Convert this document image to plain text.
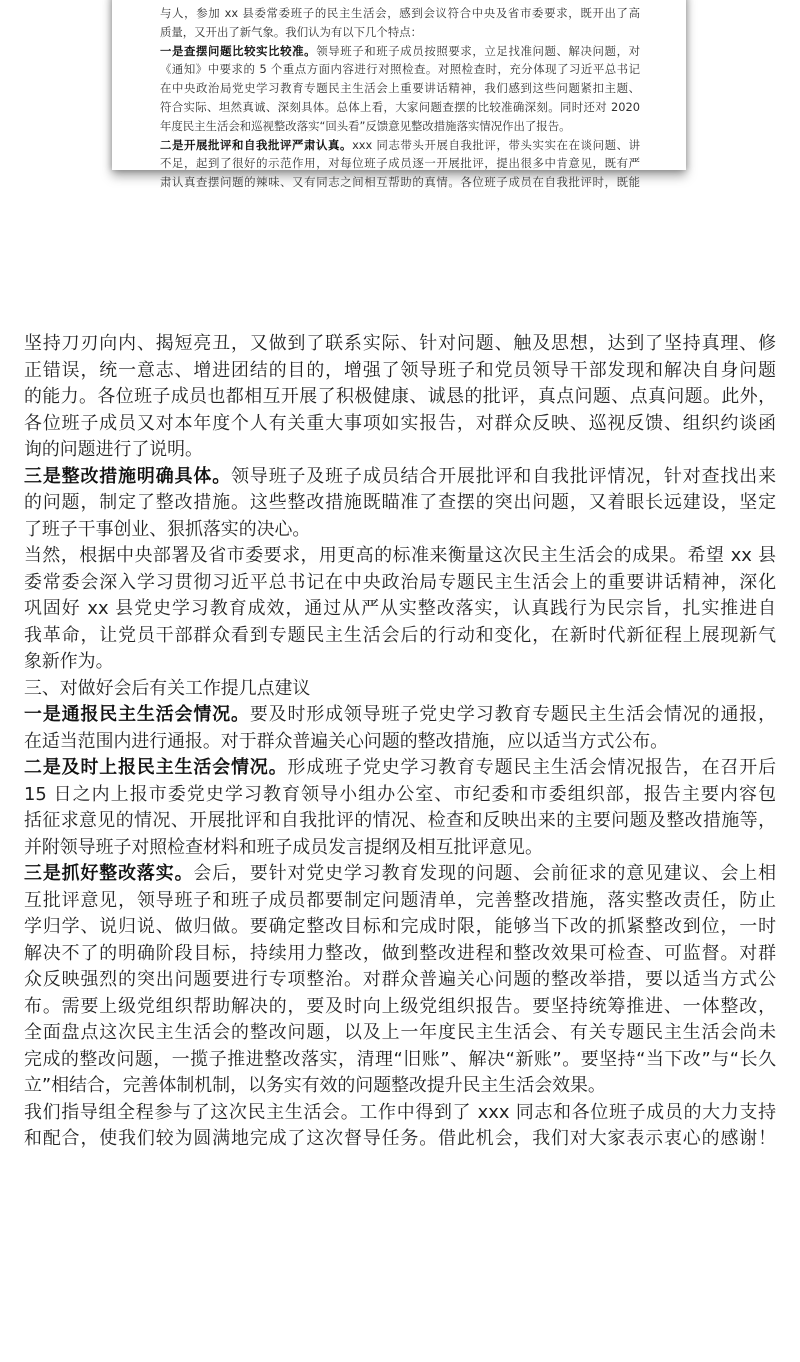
与人，参加 xx 县委常委班子的民主生活会，感到会议符合中央及省市委要求，既开出了高
质量，又开出了新气象。我们认为有以下几个特点：
一是查摆问题比较实比较准。领导班子和班子成员按照要求，立足找准问题、解决问题，对
《通知》中要求的 5 个重点方面内容进行对照检查。对照检查时，充分体现了习近平总书记
在中央政治局党史学习教育专题民主生活会上重要讲话精神，我们感到这些问题紧扣主题、
符合实际、坦然真诚、深刻具体。总体上看，大家问题查摆的比较准确深刻。同时还对 2020
年度民主生活会和巡视整改落实“回头看”反馈意见整改措施落实情况作出了报告。
二是开展批评和自我批评严肃认真。xxx 同志带头开展自我批评，带头实实在在谈问题、讲
不足，起到了很好的示范作用，对每位班子成员逐一开展批评，提出很多中肯意见，既有严
肃认真查摆问题的辣味、又有同志之间相互帮助的真情。各位班子成员在自我批评时，既能
坚持刀刃向内、揭短亮丑，又做到了联系实际、针对问题、触及思想，达到了坚持真理、修
正错误，统一意志、增进团结的目的，增强了领导班子和党员领导干部发现和解决自身问题
的能力。各位班子成员也都相互开展了积极健康、诚恳的批评，真点问题、点真问题。此外，
各位班子成员又对本年度个人有关重大事项如实报告，对群众反映、巡视反馈、组织约谈函
询的问题进行了说明。
三是整改措施明确具体。领导班子及班子成员结合开展批评和自我批评情况，针对查找出来
的问题，制定了整改措施。这些整改措施既瞄准了查摆的突出问题，又着眼长远建设，坚定
了班子干事创业、狠抓落实的决心。
当然，根据中央部署及省市委要求，用更高的标准来衡量这次民主生活会的成果。希望 xx 县
委常委会深入学习贯彻习近平总书记在中央政治局专题民主生活会上的重要讲话精神，深化
巩固好 xx 县党史学习教育成效，通过从严从实整改落实，认真践行为民宗旨，扎实推进自
我革命，让党员干部群众看到专题民主生活会后的行动和变化，在新时代新征程上展现新气
象新作为。
三、对做好会后有关工作提几点建议
一是通报民主生活会情况。要及时形成领导班子党史学习教育专题民主生活会情况的通报，
在适当范围内进行通报。对于群众普遍关心问题的整改措施，应以适当方式公布。
二是及时上报民主生活会情况。形成班子党史学习教育专题民主生活会情况报告，在召开后
15 日之内上报市委党史学习教育领导小组办公室、市纪委和市委组织部，报告主要内容包
括征求意见的情况、开展批评和自我批评的情况、检查和反映出来的主要问题及整改措施等，
并附领导班子对照检查材料和班子成员发言提纲及相互批评意见。
三是抓好整改落实。会后，要针对党史学习教育发现的问题、会前征求的意见建议、会上相
互批评意见，领导班子和班子成员都要制定问题清单，完善整改措施，落实整改责任，防止
学归学、说归说、做归做。要确定整改目标和完成时限，能够当下改的抓紧整改到位，一时
解决不了的明确阶段目标，持续用力整改，做到整改进程和整改效果可检查、可监督。对群
众反映强烈的突出问题要进行专项整治。对群众普遍关心问题的整改举措，要以适当方式公
布。需要上级党组织帮助解决的，要及时向上级党组织报告。要坚持统筹推进、一体整改，
全面盘点这次民主生活会的整改问题，以及上一年度民主生活会、有关专题民主生活会尚未
完成的整改问题，一揽子推进整改落实，清理“旧账”、解决“新账”。要坚持“当下改”与“长久
立”相结合，完善体制机制，以务实有效的问题整改提升民主生活会效果。
我们指导组全程参与了这次民主生活会。工作中得到了 xxx 同志和各位班子成员的大力支持
和配合，使我们较为圆满地完成了这次督导任务。借此机会，我们对大家表示衷心的感谢！
